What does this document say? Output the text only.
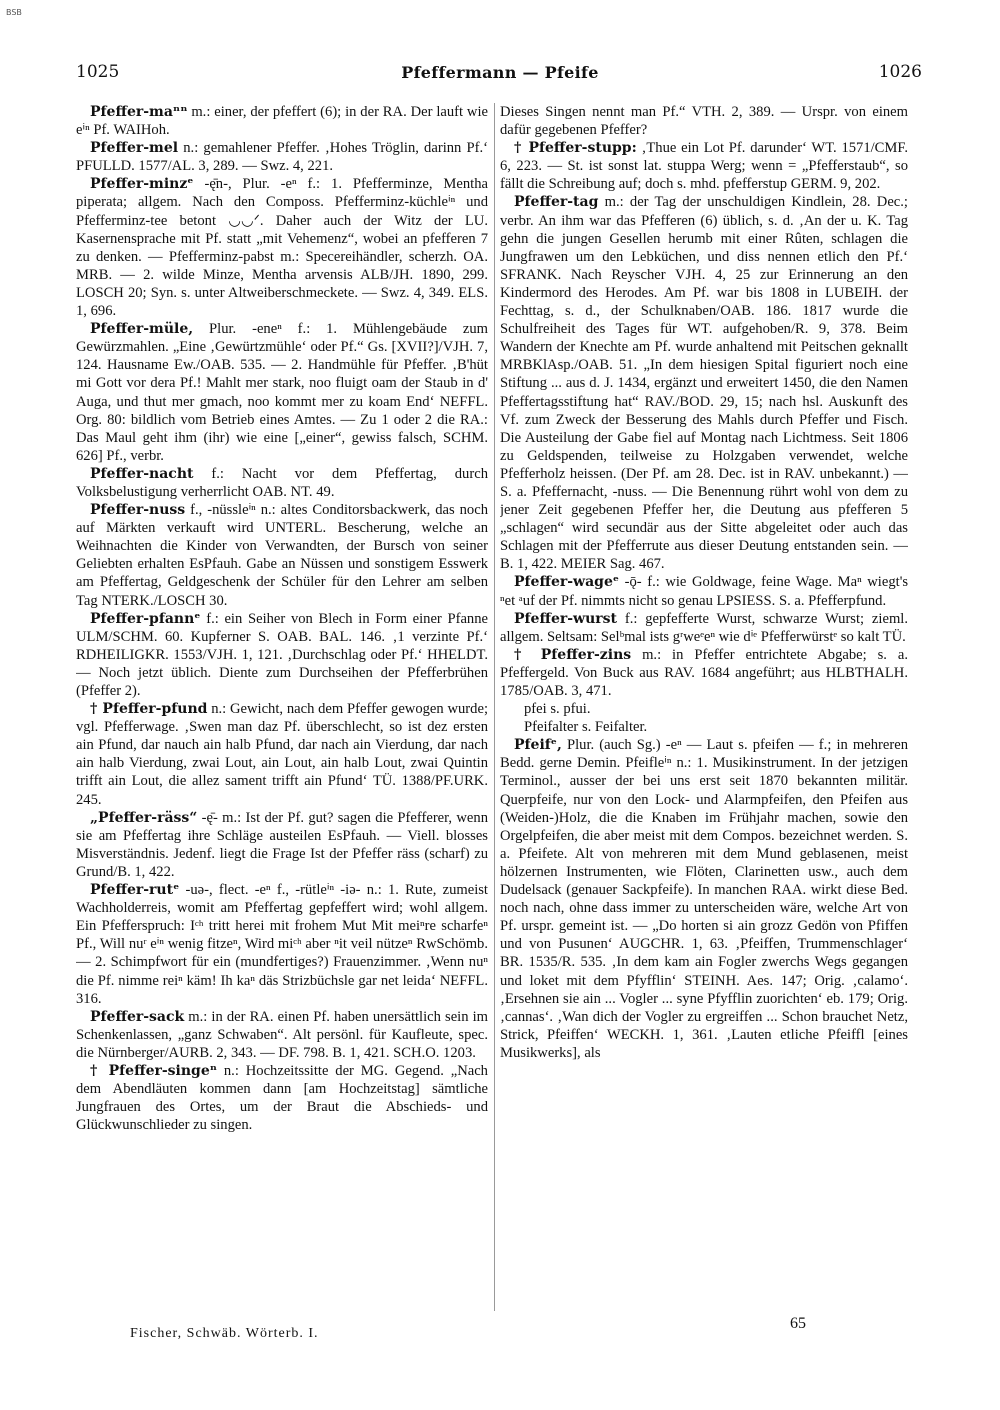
BSB
1025	Pfeffermann — Pfeife	1026

Pfeffer-maⁿⁿ m.: einer, der pfeffert (6); in der RA. Der lauft wie eⁱⁿ Pf. WAIHoh.

Pfeffer-mel n.: gemahlener Pfeffer. ‚Hohes Tröglin, darinn Pf.‘ PFULLD. 1577/AL. 3, 289. — Swz. 4, 221.

Pfeffer-minzᵉ -ę̄n-, Plur. -eⁿ f.: 1. Pfefferminze, Mentha piperata; allgem. Nach den Composs. Pfefferminz-küchleⁱⁿ und Pfefferminz-tee betont ◡◡ᐟ. Daher auch der Witz der LU. Kasernensprache mit Pf. statt „mit Vehemenz“, wobei an pfefferen 7 zu denken. — Pfefferminz-pabst m.: Specereihändler, scherzh. OA. MRB. — 2. wilde Minze, Mentha arvensis ALB/JH. 1890, 299. LOSCH 20; Syn. s. unter Altweiberschmeckete. — Swz. 4, 349. ELS. 1, 696.

Pfeffer-müle, Plur. -eneⁿ f.: 1. Mühlengebäude zum Gewürzmahlen. „Eine ‚Gewürtzmühle‘ oder Pf.“ Gs. [XVII?]/VJH. 7, 124. Hausname Ew./OAB. 535. — 2. Handmühle für Pfeffer. ‚B'hüt mi Gott vor dera Pf.! Mahlt mer stark, noo fluigt oam der Staub in d' Auga, und thut mer gmach, noo kommt mer zu koam End‘ NEFFL. Org. 80: bildlich vom Betrieb eines Amtes. — Zu 1 oder 2 die RA.: Das Maul geht ihm (ihr) wie eine [„einer“, gewiss falsch, SCHM. 626] Pf., verbr.

Pfeffer-nacht f.: Nacht vor dem Pfeffertag, durch Volksbelustigung verherrlicht OAB. NT. 49.

Pfeffer-nuss f., -nüssleⁱⁿ n.: altes Conditorsbackwerk, das noch auf Märkten verkauft wird UNTERL. Bescherung, welche an Weihnachten die Kinder von Verwandten, der Bursch von seiner Geliebten erhalten EsPfauh. Gabe an Nüssen und sonstigem Esswerk am Pfeffertag, Geldgeschenk der Schüler für den Lehrer am selben Tag NTERK./LOSCH 30.

Pfeffer-pfannᵉ f.: ein Seiher von Blech in Form einer Pfanne ULM/SCHM. 60. Kupferner S. OAB. BAL. 146. ‚1 verzinte Pf.‘ RDHEILIGKR. 1553/VJH. 1, 121. ‚Durchschlag oder Pf.‘ HHELDT. — Noch jetzt üblich. Diente zum Durchseihen der Pfefferbrühen (Pfeffer 2).

† Pfeffer-pfund n.: Gewicht, nach dem Pfeffer gewogen wurde; vgl. Pfefferwage. ‚Swen man daz Pf. überschlecht, so ist dez ersten ain Pfund, dar nauch ain halb Pfund, dar nach ain Vierdung, dar nach ain halb Vierdung, zwai Lout, ain Lout, ain halb Lout, zwai Quintin trifft ain Lout, die allez sament trifft ain Pfund‘ TÜ. 1388/PF.URK. 245.

„Pfeffer-räss“ -ę̄- m.: Ist der Pf. gut? sagen die Pfefferer, wenn sie am Pfeffertag ihre Schläge austeilen EsPfauh. — Viell. blosses Misverständnis. Jedenf. liegt die Frage Ist der Pfeffer räss (scharf) zu Grund/B. 1, 422.

Pfeffer-rutᵉ -uə-, flect. -eⁿ f., -rütleⁱⁿ -iə- n.: 1. Rute, zumeist Wachholderreis, womit am Pfeffertag gepfeffert wird; wohl allgem. Ein Pfefferspruch: Iᶜʰ tritt herei mit frohem Mut Mit meiⁿre scharfeⁿ Pf., Will nuʳ eⁱⁿ wenig fitzeⁿ, Wird miᶜʰ aber ⁿit veil nützeⁿ RwSchömb. — 2. Schimpfwort für ein (mundfertiges?) Frauenzimmer. ‚Wenn nuⁿ die Pf. nimme reiⁿ käm! Ih kaⁿ däs Strizbüchsle gar net leida‘ NEFFL. 316.

Pfeffer-sack m.: in der RA. einen Pf. haben unersättlich sein im Schenkenlassen, „ganz Schwaben“. Alt persönl. für Kaufleute, spec. die Nürnberger/AURB. 2, 343. — DF. 798. B. 1, 421. SCH.O. 1203.

† Pfeffer-singeⁿ n.: Hochzeitssitte der MG. Gegend. „Nach dem Abendläuten kommen dann [am Hochzeitstag] sämtliche Jungfrauen des Ortes, um der Braut die Abschieds- und Glückwunschlieder zu singen.

Dieses Singen nennt man Pf.“ VTH. 2, 389. — Urspr. von einem dafür gegebenen Pfeffer?

† Pfeffer-stupp: ‚Thue ein Lot Pf. darunder‘ WT. 1571/CMF. 6, 223. — St. ist sonst lat. stuppa Werg; wenn = „Pfefferstaub“, so fällt die Schreibung auf; doch s. mhd. pfefferstup GERM. 9, 202.

Pfeffer-tag m.: der Tag der unschuldigen Kindlein, 28. Dec.; verbr. An ihm war das Pfefferen (6) üblich, s. d. ‚An der u. K. Tag gehn die jungen Gesellen herumb mit einer Rûten, schlagen die Jungfrawen um den Lebküchen, und diss nennen etlich den Pf.‘ SFRANK. Nach Reyscher VJH. 4, 25 zur Erinnerung an den Kindermord des Herodes. Am Pf. war bis 1808 in LUBEIH. der Fechttag, s. d., der Schulknaben/OAB. 186. 1817 wurde die Schulfreiheit des Tages für WT. aufgehoben/R. 9, 378. Beim Wandern der Knechte am Pf. wurde anhaltend mit Peitschen geknallt MRBKlAsp./OAB. 51. „In dem hiesigen Spital figuriert noch eine Stiftung ... aus d. J. 1434, ergänzt und erweitert 1450, die den Namen Pfeffertagsstiftung hat“ RAV./BOD. 29, 15; nach hsl. Auskunft des Vf. zum Zweck der Besserung des Mahls durch Pfeffer und Fisch. Die Austeilung der Gabe fiel auf Montag nach Lichtmess. Seit 1806 zu Geldspenden, teilweise zu Holzgaben verwendet, welche Pfefferholz heissen. (Der Pf. am 28. Dec. ist in RAV. unbekannt.) — S. a. Pfeffernacht, -nuss. — Die Benennung rührt wohl von dem zu jener Zeit gegebenen Pfeffer her, die Deutung aus pfefferen 5 „schlagen“ wird secundär aus der Sitte abgeleitet oder auch das Schlagen mit der Pfefferrute aus dieser Deutung entstanden sein. — B. 1, 422. MEIER Sag. 467.

Pfeffer-wageᵉ -ǭ- f.: wie Goldwage, feine Wage. Maⁿ wiegt's ⁿet ᵃuf der Pf. nimmts nicht so genau LPSIESS. S. a. Pfefferpfund.

Pfeffer-wurst f.: gepfefferte Wurst, schwarze Wurst; zieml. allgem. Seltsam: Selᵇmal ists gʳweᵉeⁿ wie dⁱᵉ Pfefferwürstᵉ so kalt TÜ.

† Pfeffer-zins m.: in Pfeffer entrichtete Abgabe; s. a. Pfeffergeld. Von Buck aus RAV. 1684 angeführt; aus HLBTHALH. 1785/OAB. 3, 471.

pfei s. pfui.

Pfeifalter s. Feifalter.

Pfeifᵉ, Plur. (auch Sg.) -eⁿ — Laut s. pfeifen — f.; in mehreren Bedd. gerne Demin. Pfeifleⁱⁿ n.: 1. Musikinstrument. In der jetzigen Terminol., ausser der bei uns erst seit 1870 bekannten militär. Querpfeife, nur von den Lock- und Alarmpfeifen, den Pfeifen aus (Weiden-)Holz, die die Knaben im Frühjahr machen, sowie den Orgelpfeifen, die aber meist mit dem Compos. bezeichnet werden. S. a. Pfeifete. Alt von mehreren mit dem Mund geblasenen, meist hölzernen Instrumenten, wie Flöten, Clarinetten usw., auch dem Dudelsack (genauer Sackpfeife). In manchen RAA. wirkt diese Bed. noch nach, ohne dass immer zu unterscheiden wäre, welche Art von Pf. urspr. gemeint ist. — „Do horten si ain grozz Gedön von Pfiffen und von Pusunen‘ AUGCHR. 1, 63. ‚Pfeiffen, Trummenschlager‘ BR. 1535/R. 535. ‚In dem kam ain Fogler zwerchs Wegs gegangen und loket mit dem Pfyfflin‘ STEINH. Aes. 147; Orig. ‚calamo‘. ‚Ersehnen sie ain ... Vogler ... syne Pfyfflin zuorichten‘ eb. 179; Orig. ‚cannas‘. ‚Wan dich der Vogler zu ergreiffen ... Schon brauchet Netz, Strick, Pfeiffen‘ WECKH. 1, 361. ‚Lauten etliche Pfeiffl [eines Musikwerks], als

Fischer, Schwäb. Wörterb. I.
65
